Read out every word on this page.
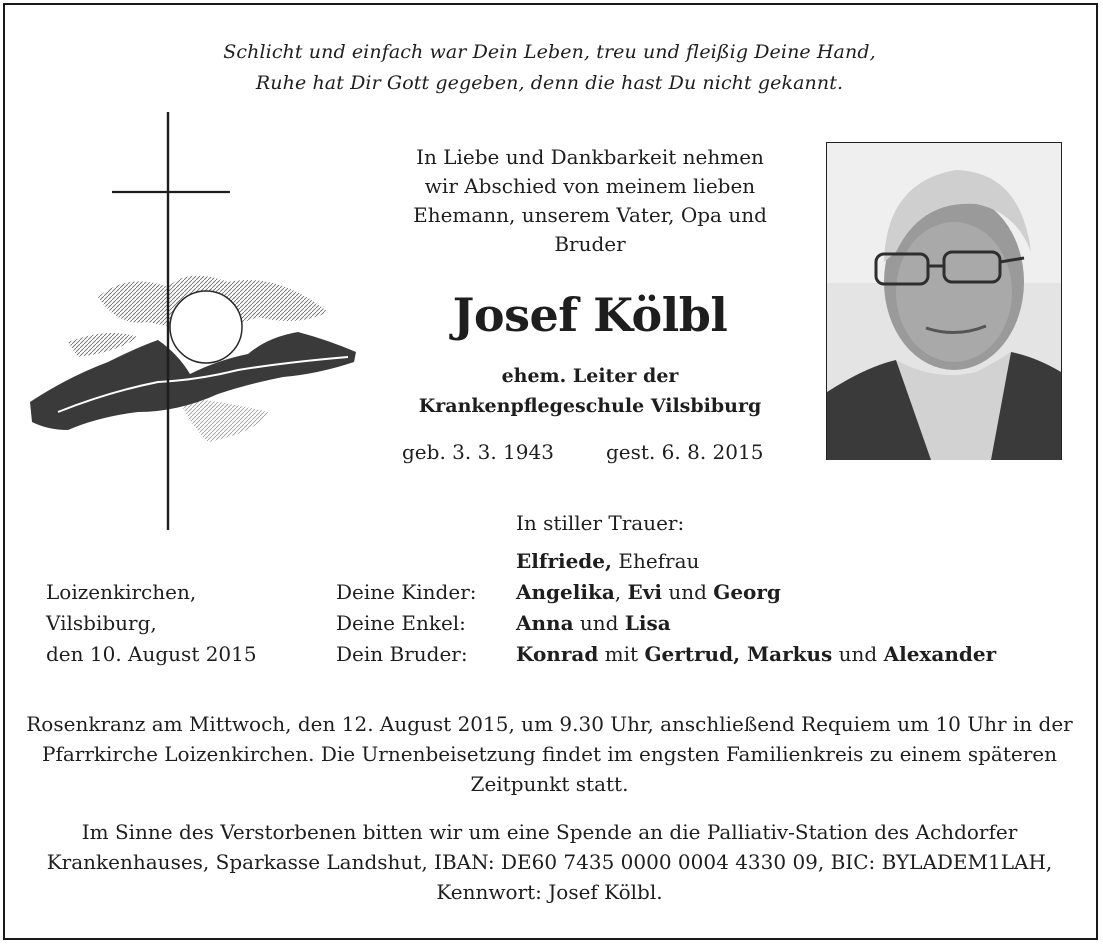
Schlicht und einfach war Dein Leben, treu und fleißig Deine Hand,
Ruhe hat Dir Gott gegeben, denn die hast Du nicht gekannt.
In Liebe und Dankbarkeit nehmen
wir Abschied von meinem lieben
Ehemann, unserem Vater, Opa und
Bruder
Josef Kölbl
ehem. Leiter der
Krankenpflegeschule Vilsbiburg
geb. 3. 3. 1943	gest. 6. 8. 2015
In stiller Trauer:
Elfriede, Ehefrau
Loizenkirchen,
Vilsbiburg,
den 10. August 2015
Deine Kinder: Angelika, Evi und Georg
Deine Enkel:	Anna und Lisa
Dein Bruder: Konrad mit Gertrud, Markus und Alexander
Rosenkranz am Mittwoch, den 12. August 2015, um 9.30 Uhr, anschließend Requiem um 10 Uhr in der Pfarrkirche Loizenkirchen. Die Urnenbeisetzung findet im engsten Familienkreis zu einem späteren Zeitpunkt statt.
Im Sinne des Verstorbenen bitten wir um eine Spende an die Palliativ-Station des Achdorfer Krankenhauses, Sparkasse Landshut, IBAN: DE60 7435 0000 0004 4330 09, BIC: BYLADEM1LAH, Kennwort: Josef Kölbl.
